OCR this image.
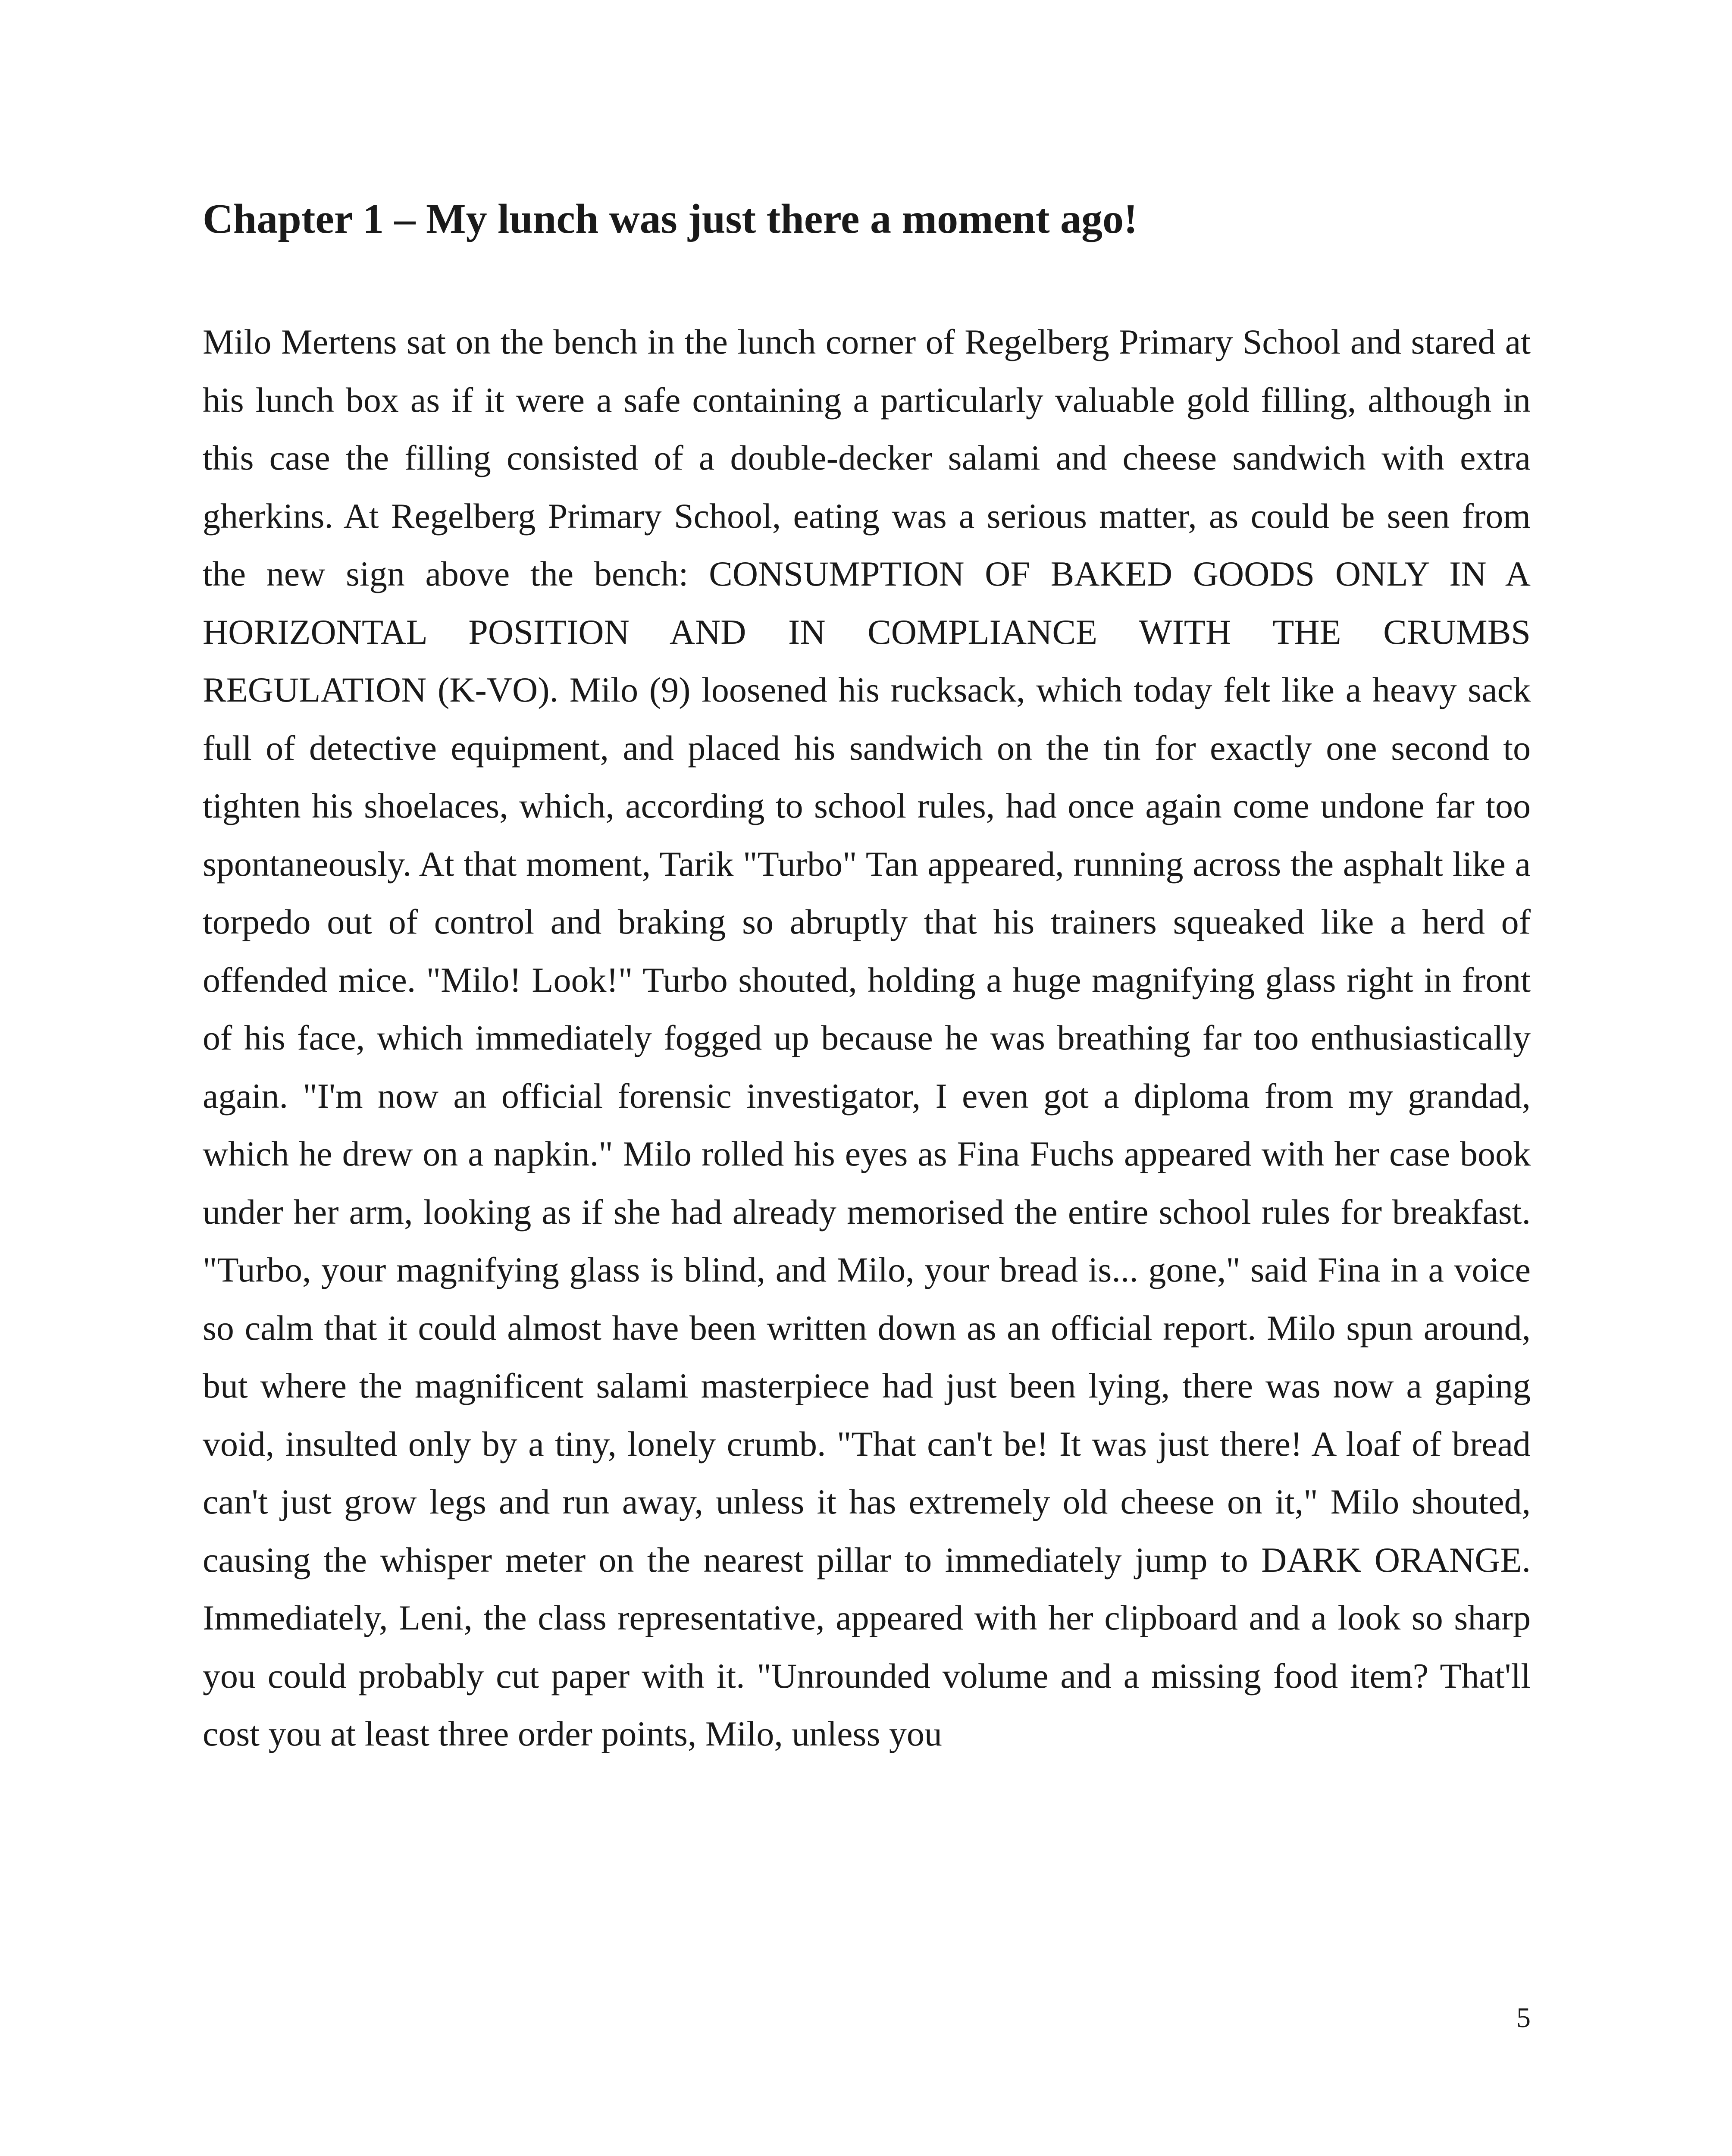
Chapter 1 – My lunch was just there a moment ago!

Milo Mertens sat on the bench in the lunch corner of Regelberg Primary School and stared at his lunch box as if it were a safe containing a particularly valuable gold filling, although in this case the filling consisted of a double-decker salami and cheese sandwich with extra gherkins. At Regelberg Primary School, eating was a serious matter, as could be seen from the new sign above the bench: CONSUMPTION OF BAKED GOODS ONLY IN A HORIZONTAL POSITION AND IN COMPLIANCE WITH THE CRUMBS REGULATION (K-VO). Milo (9) loosened his rucksack, which today felt like a heavy sack full of detective equipment, and placed his sandwich on the tin for exactly one second to tighten his shoelaces, which, according to school rules, had once again come undone far too spontaneously. At that moment, Tarik "Turbo" Tan appeared, running across the asphalt like a torpedo out of control and braking so abruptly that his trainers squeaked like a herd of offended mice. "Milo! Look!" Turbo shouted, holding a huge magnifying glass right in front of his face, which immediately fogged up because he was breathing far too enthusiastically again. "I'm now an official forensic investigator, I even got a diploma from my grandad, which he drew on a napkin." Milo rolled his eyes as Fina Fuchs appeared with her case book under her arm, looking as if she had already memorised the entire school rules for breakfast. "Turbo, your magnifying glass is blind, and Milo, your bread is... gone," said Fina in a voice so calm that it could almost have been written down as an official report. Milo spun around, but where the magnificent salami masterpiece had just been lying, there was now a gaping void, insulted only by a tiny, lonely crumb. "That can't be! It was just there! A loaf of bread can't just grow legs and run away, unless it has extremely old cheese on it," Milo shouted, causing the whisper meter on the nearest pillar to immediately jump to DARK ORANGE. Immediately, Leni, the class representative, appeared with her clipboard and a look so sharp you could probably cut paper with it. "Unrounded volume and a missing food item? That'll cost you at least three order points, Milo, unless you

5
